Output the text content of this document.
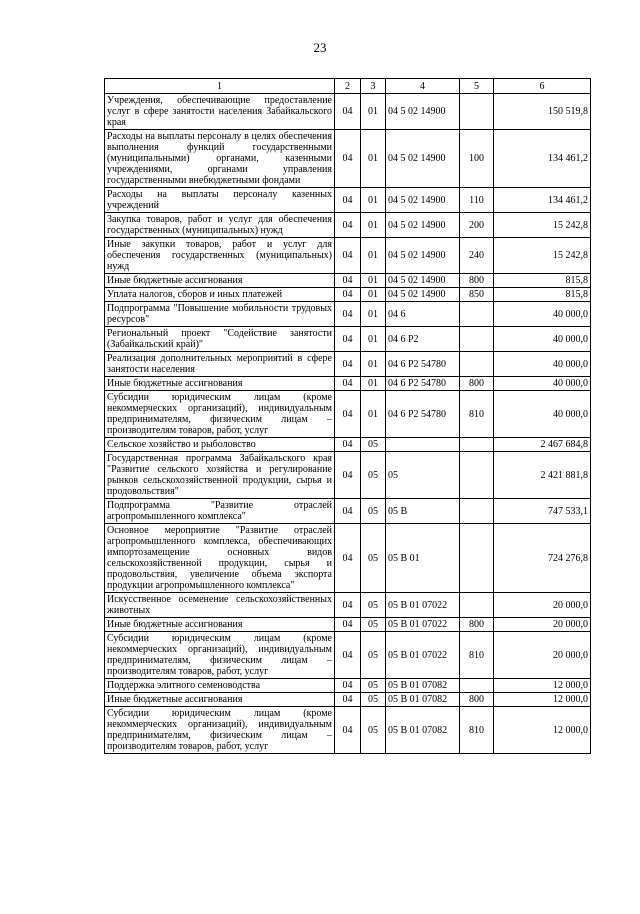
23
1	2	3	4	5	6
Учреждения, обеспечивающие предоставление услуг в сфере занятости населения Забайкальского края	04	01	04 5 02 14900		150 519,8
Расходы на выплаты персоналу в целях обеспечения выполнения функций государственными (муниципальными) органами, казенными учреждениями, органами управления государственными внебюджетными фондами	04	01	04 5 02 14900	100	134 461,2
Расходы на выплаты персоналу казенных учреждений	04	01	04 5 02 14900	110	134 461,2
Закупка товаров, работ и услуг для обеспечения государственных (муниципальных) нужд	04	01	04 5 02 14900	200	15 242,8
Иные закупки товаров, работ и услуг для обеспечения государственных (муниципальных) нужд	04	01	04 5 02 14900	240	15 242,8
Иные бюджетные ассигнования	04	01	04 5 02 14900	800	815,8
Уплата налогов, сборов и иных платежей	04	01	04 5 02 14900	850	815,8
Подпрограмма "Повышение мобильности трудовых ресурсов"	04	01	04 6		40 000,0
Региональный проект "Содействие занятости (Забайкальский край)"	04	01	04 6 P2		40 000,0
Реализация дополнительных мероприятий в сфере занятости населения	04	01	04 6 P2 54780		40 000,0
Иные бюджетные ассигнования	04	01	04 6 P2 54780	800	40 000,0
Субсидии юридическим лицам (кроме некоммерческих организаций), индивидуальным предпринимателям, физическим лицам – производителям товаров, работ, услуг	04	01	04 6 P2 54780	810	40 000,0
Сельское хозяйство и рыболовство	04	05			2 467 684,8
Государственная программа Забайкальского края "Развитие сельского хозяйства и регулирование рынков сельскохозяйственной продукции, сырья и продовольствия"	04	05	05		2 421 881,8
Подпрограмма "Развитие отраслей агропромышленного комплекса"	04	05	05 В		747 533,1
Основное мероприятие "Развитие отраслей агропромышленного комплекса, обеспечивающих импортозамещение основных видов сельскохозяйственной продукции, сырья и продовольствия, увеличение объема экспорта продукции агропромышленного комплекса"	04	05	05 В 01		724 276,8
Искусственное осеменение сельскохозяйственных животных	04	05	05 В 01 07022		20 000,0
Иные бюджетные ассигнования	04	05	05 В 01 07022	800	20 000,0
Субсидии юридическим лицам (кроме некоммерческих организаций), индивидуальным предпринимателям, физическим лицам – производителям товаров, работ, услуг	04	05	05 В 01 07022	810	20 000,0
Поддержка элитного семеноводства	04	05	05 В 01 07082		12 000,0
Иные бюджетные ассигнования	04	05	05 В 01 07082	800	12 000,0
Субсидии юридическим лицам (кроме некоммерческих организаций), индивидуальным предпринимателям, физическим лицам – производителям товаров, работ, услуг	04	05	05 В 01 07082	810	12 000,0
